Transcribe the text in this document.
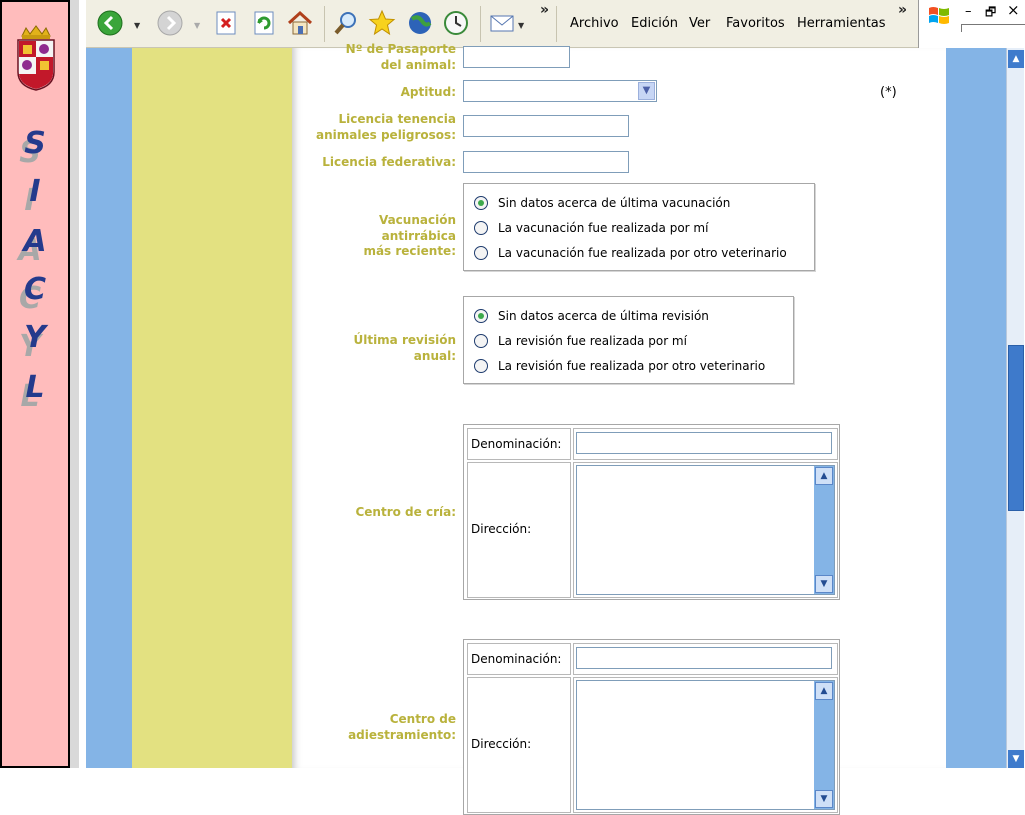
S
I
A
C
Y
L
▼	▼	▼
»
Archivo Edición Ver Favoritos Herramientas
»	– 🗗 ×
Nº de Pasaporte
del animal:
Aptitud:	▼	(*)
Licencia tenencia
animales peligrosos:
Licencia federativa:
Vacunación
antirrábica
más reciente:
Sin datos acerca de última vacunación
La vacunación fue realizada por mí
La vacunación fue realizada por otro veterinario
Última revisión
anual:
Sin datos acerca de última revisión
La revisión fue realizada por mí
La revisión fue realizada por otro veterinario
Centro de cría:
Denominación:
Dirección:
▲
▼
Centro de
adiestramiento:
Denominación:
Dirección:
▲
▼
▲
▼
